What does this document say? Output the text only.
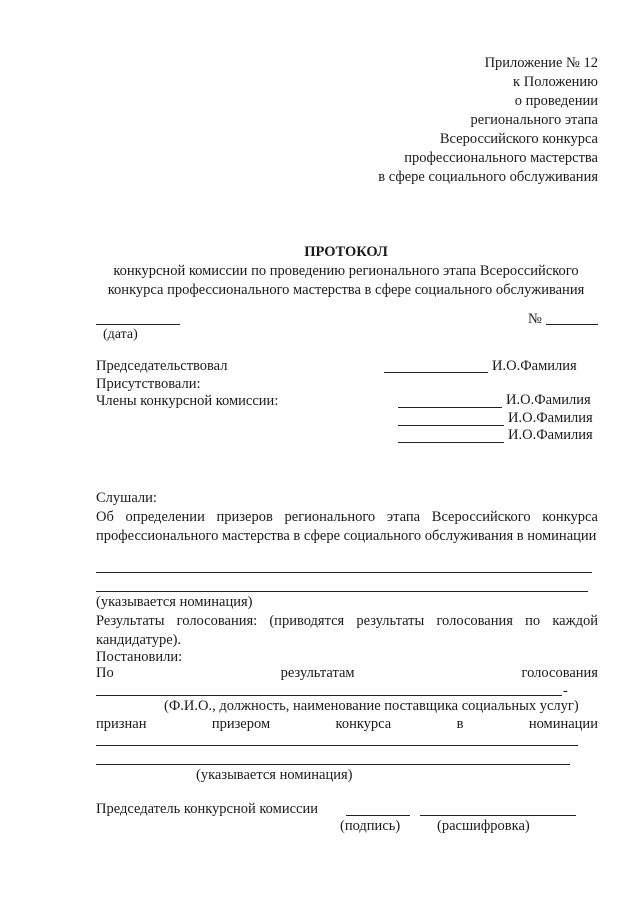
Приложение № 12
к Положению
о проведении
регионального этапа
Всероссийского конкурса
профессионального мастерства
в сфере социального обслуживания
ПРОТОКОЛ
конкурсной комиссии по проведению регионального этапа Всероссийского
конкурса профессионального мастерства в сфере социального обслуживания
(дата)
№
Председательствовал	И.О.Фамилия
Присутствовали:
Члены конкурсной комиссии:	И.О.Фамилия
И.О.Фамилия
И.О.Фамилия
Слушали:
Об определении призеров регионального этапа Всероссийского конкурса профессионального мастерства в сфере социального обслуживания в номинации
(указывается номинация)
Результаты голосования: (приводятся результаты голосования по каждой кандидатуре).
Постановили:
По	результатам	голосования
-
(Ф.И.О., должность, наименование поставщика социальных услуг)
признан	призером	конкурса	в	номинации
(указывается номинация)
Председатель конкурсной комиссии
(подпись)	(расшифровка)
